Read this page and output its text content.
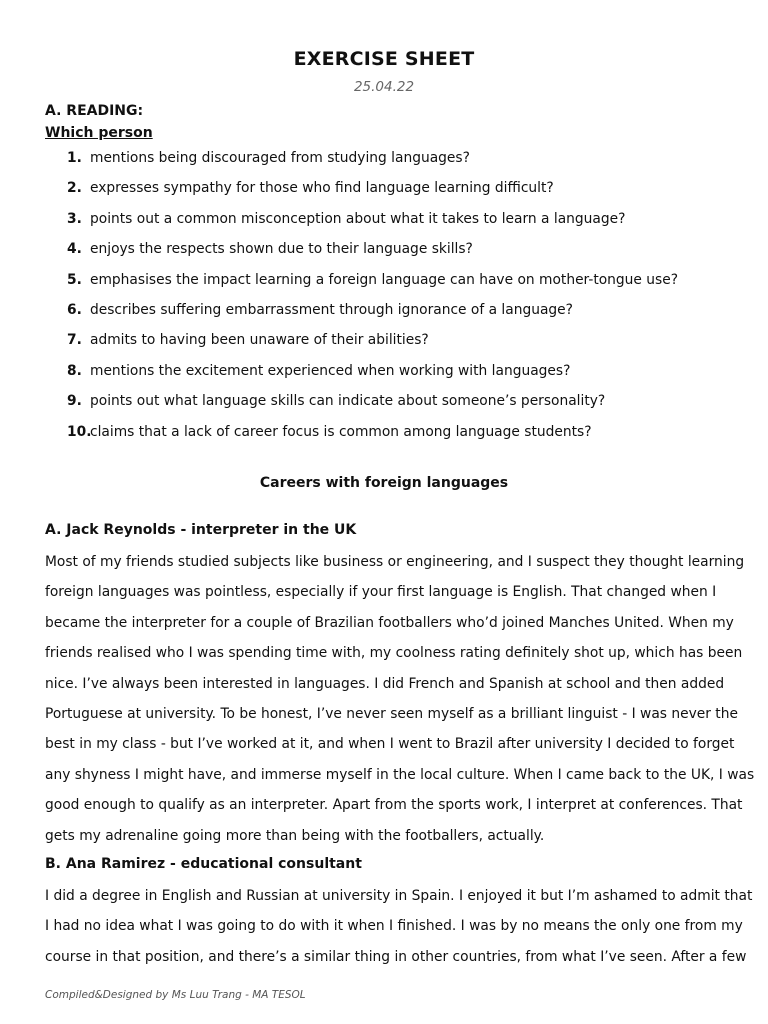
EXERCISE SHEET
25.04.22
A. READING:
Which person
1. mentions being discouraged from studying languages?
2. expresses sympathy for those who find language learning difficult?
3. points out a common misconception about what it takes to learn a language?
4. enjoys the respects shown due to their language skills?
5. emphasises the impact learning a foreign language can have on mother-tongue use?
6. describes suffering embarrassment through ignorance of a language?
7. admits to having been unaware of their abilities?
8. mentions the excitement experienced when working with languages?
9. points out what language skills can indicate about someone’s personality?
10.
claims that a lack of career focus is common among language students?
Careers with foreign languages
A. Jack Reynolds - interpreter in the UK
Most of my friends studied subjects like business or engineering, and I suspect they thought learning
foreign languages was pointless, especially if your first language is English. That changed when I
became the interpreter for a couple of Brazilian footballers who’d joined Manches United. When my
friends realised who I was spending time with, my coolness rating definitely shot up, which has been
nice. I’ve always been interested in languages. I did French and Spanish at school and then added
Portuguese at university. To be honest, I’ve never seen myself as a brilliant linguist - I was never the
best in my class - but I’ve worked at it, and when I went to Brazil after university I decided to forget
any shyness I might have, and immerse myself in the local culture. When I came back to the UK, I was
good enough to qualify as an interpreter. Apart from the sports work, I interpret at conferences. That
gets my adrenaline going more than being with the footballers, actually.
B. Ana Ramirez - educational consultant
I did a degree in English and Russian at university in Spain. I enjoyed it but I’m ashamed to admit that
I had no idea what I was going to do with it when I finished. I was by no means the only one from my
course in that position, and there’s a similar thing in other countries, from what I’ve seen. After a few
Compiled&Designed by Ms Luu Trang - MA TESOL
